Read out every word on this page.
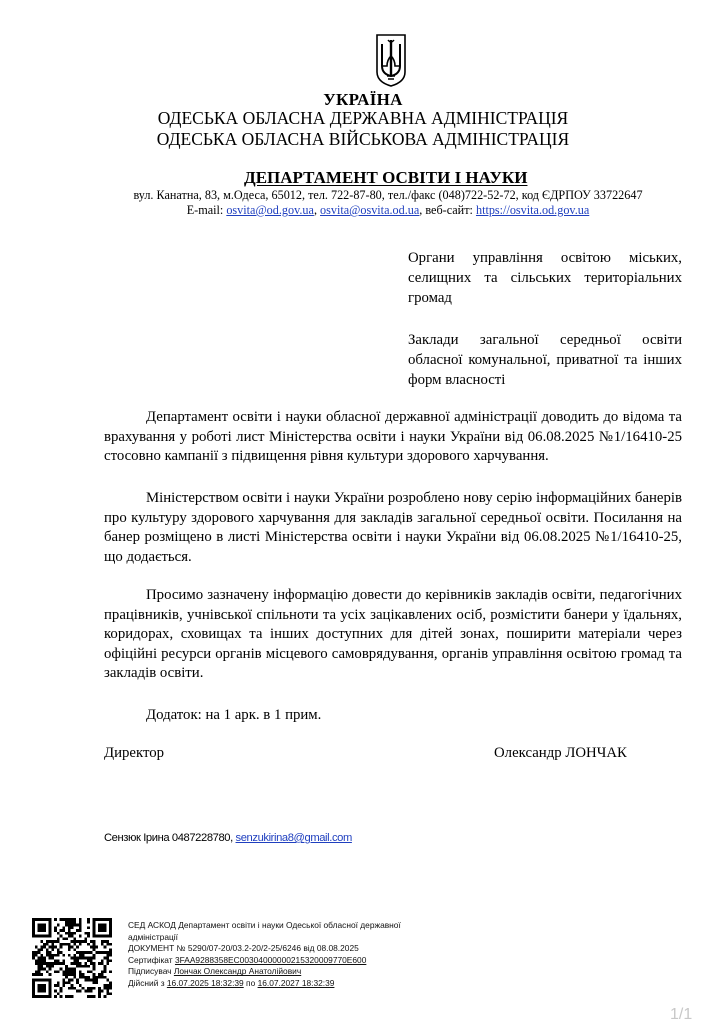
УКРАЇНА
ОДЕСЬКА ОБЛАСНА ДЕРЖАВНА АДМІНІСТРАЦІЯ
ОДЕСЬКА ОБЛАСНА ВІЙСЬКОВА АДМІНІСТРАЦІЯ
ДЕПАРТАМЕНТ ОСВІТИ І НАУКИ
вул. Канатна, 83, м.Одеса, 65012, тел. 722-87-80, тел./факс (048)722-52-72, код ЄДРПОУ 33722647
E-mail: osvita@od.gov.ua, osvita@osvita.od.ua, веб-сайт: https://osvita.od.gov.ua
Органи управління освітою міських, селищних та сільських територіальних громад
Заклади загальної середньої освіти обласної комунальної, приватної та інших форм власності

Департамент освіти і науки обласної державної адміністрації доводить до відома та врахування у роботі лист Міністерства освіти і науки України від 06.08.2025 №1/16410-25 стосовно кампанії з підвищення рівня культури здорового харчування.

Міністерством освіти і науки України розроблено нову серію інформаційних банерів про культуру здорового харчування для закладів загальної середньої освіти. Посилання на банер розміщено в листі Міністерства освіти і науки України від 06.08.2025 №1/16410-25, що додається.

Просимо зазначену інформацію довести до керівників закладів освіти, педагогічних працівників, учнівської спільноти та усіх зацікавлених осіб, розмістити банери у їдальнях, коридорах, сховищах та інших доступних для дітей зонах, поширити матеріали через офіційні ресурси органів місцевого самоврядування, органів управління освітою громад та закладів освіти.

Додаток: на 1 арк. в 1 прим.
Директор	Олександр ЛОНЧАК
Сензюк Ірина 0487228780, senzukirina8@gmail.com
СЕД АСКОД Департамент освіти і науки Одеської обласної державної адміністрації
ДОКУМЕНТ № 5290/07-20/03.2-20/2-25/6246 від 08.08.2025
Сертифікат 3FAA9288358EC00304000000215320009770E600
Підписувач Лончак Олександр Анатолійович
Дійсний з 16.07.2025 18:32:39 по 16.07.2027 18:32:39
1/1
